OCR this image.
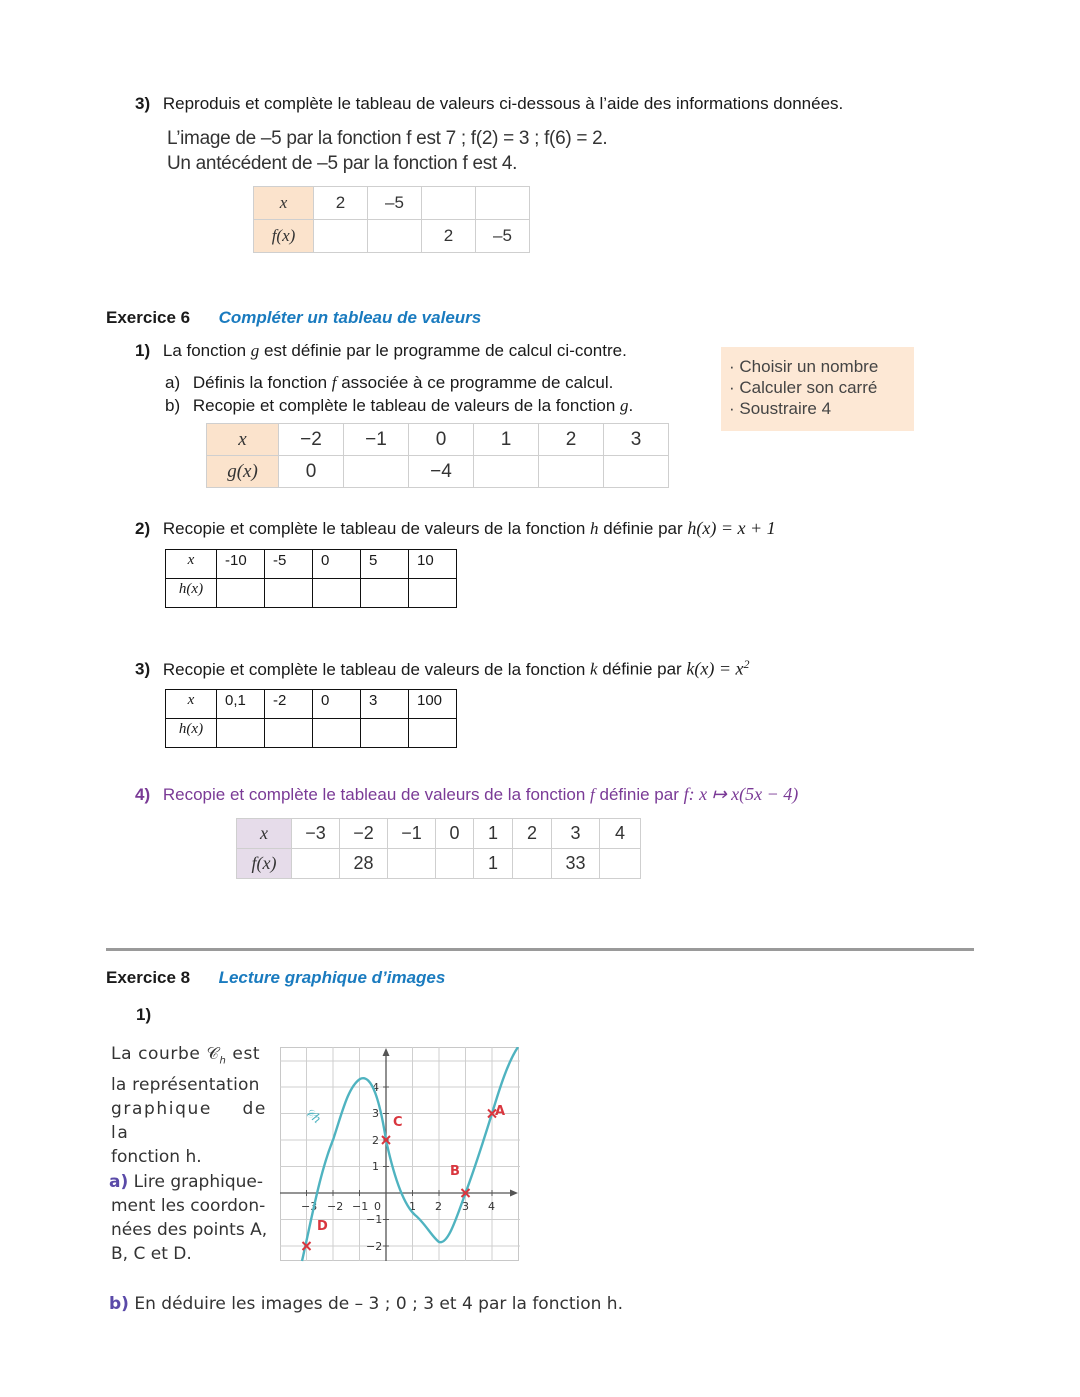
3) Reproduis et complète le tableau de valeurs ci-dessous à l’aide des informations données.
L’image de –5 par la fonction f est 7 ; f(2) = 3 ; f(6) = 2.
Un antécédent de –5 par la fonction f est 4.
x	2	–5		
f(x)			2	–5
Exercice 6 Compléter un tableau de valeurs
1) La fonction g est définie par le programme de calcul ci-contre.
a) Définis la fonction f associée à ce programme de calcul.
b) Recopie et complète le tableau de valeurs de la fonction g.
· Choisir un nombre
· Calculer son carré
· Soustraire 4
x	−2	−1	0	1	2	3
g(x)	0		−4			
2) Recopie et complète le tableau de valeurs de la fonction h définie par h(x) = x + 1
x	-10	-5	0	5	10
h(x)					
3) Recopie et complète le tableau de valeurs de la fonction k définie par $k(x) = x^2$
x	0,1	-2	0	3	100
h(x)					
4) Recopie et complète le tableau de valeurs de la fonction f définie par f: x ↦ x(5x − 4)
x	−3	−2	−1	0	1	2	3	4
f(x)		28			1		33	
Exercice 8 Lecture graphique d’images
1)
La courbe 𝒞$_h$ est
la représentation
graphique de la
fonction h.
a) Lire graphique-
ment les coordon-
nées des points A,
B, C et D.
−3 −2 −1 0	1 2 3 4
4
3
2
1
−1
−2
𝒞h	A
B
C
D
b) En déduire les images de – 3 ; 0 ; 3 et 4 par la fonction h.
